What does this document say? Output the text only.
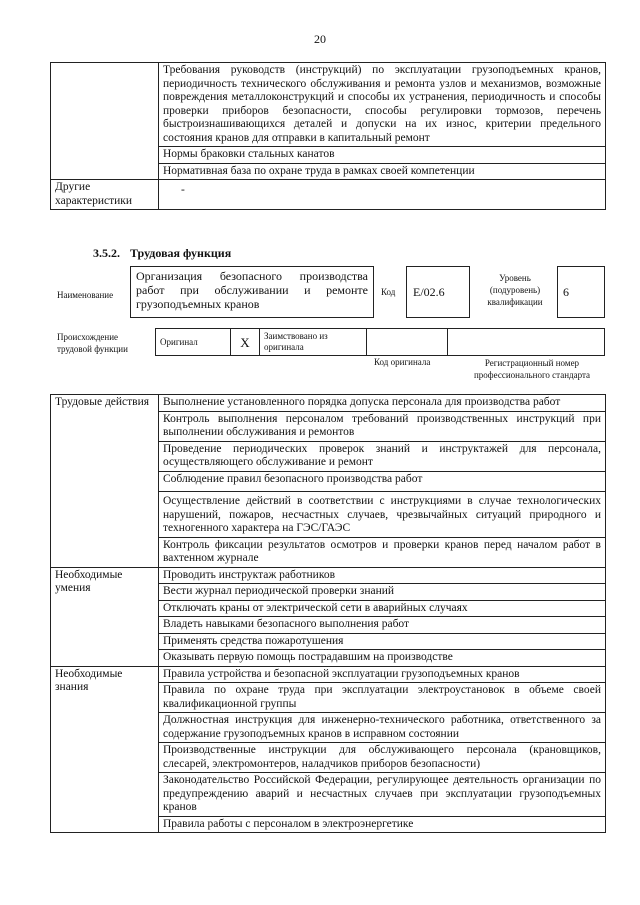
20
	Требования руководств (инструкций) по эксплуатации грузоподъемных кранов, периодичность технического обслуживания и ремонта узлов и механизмов, возможные повреждения металлоконструкций и способы их устранения, периодичность и способы проверки приборов безопасности, способы регулировки тормозов, перечень быстроизнашивающихся деталей и допуски на их износ, критерии предельного состояния кранов для отправки в капитальный ремонт
	Нормы браковки стальных канатов
	Нормативная база по охране труда в рамках своей компетенции
Другие характеристики	-
3.5.2. Трудовая функция
Наименование
Организация безопасного производства работ при обслуживании и ремонте грузоподъемных кранов
Код	E/02.6
Уровень (подуровень) квалификации
6
Происхождение трудовой функции
Оригинал	X	Заимствовано из оригинала		
Код оригинала	Регистрационный номер профессионального стандарта
Трудовые действия	Выполнение установленного порядка допуска персонала для производства работ
	Контроль выполнения персоналом требований производственных инструкций при выполнении обслуживания и ремонтов
	Проведение периодических проверок знаний и инструктажей для персонала, осуществляющего обслуживание и ремонт
	Соблюдение правил безопасного производства работ
	Осуществление действий в соответствии с инструкциями в случае технологических нарушений, пожаров, несчастных случаев, чрезвычайных ситуаций природного и техногенного характера на ГЭС/ГАЭС
	Контроль фиксации результатов осмотров и проверки кранов перед началом работ в вахтенном журнале
Необходимые умения	Проводить инструктаж работников
	Вести журнал периодической проверки знаний
	Отключать краны от электрической сети в аварийных случаях
	Владеть навыками безопасного выполнения работ
	Применять средства пожаротушения
	Оказывать первую помощь пострадавшим на производстве
Необходимые знания	Правила устройства и безопасной эксплуатации грузоподъемных кранов
	Правила по охране труда при эксплуатации электроустановок в объеме своей квалификационной группы
	Должностная инструкция для инженерно-технического работника, ответственного за содержание грузоподъемных кранов в исправном состоянии
	Производственные инструкции для обслуживающего персонала (крановщиков, слесарей, электромонтеров, наладчиков приборов безопасности)
	Законодательство Российской Федерации, регулирующее деятельность организации по предупреждению аварий и несчастных случаев при эксплуатации грузоподъемных кранов
	Правила работы с персоналом в электроэнергетике
